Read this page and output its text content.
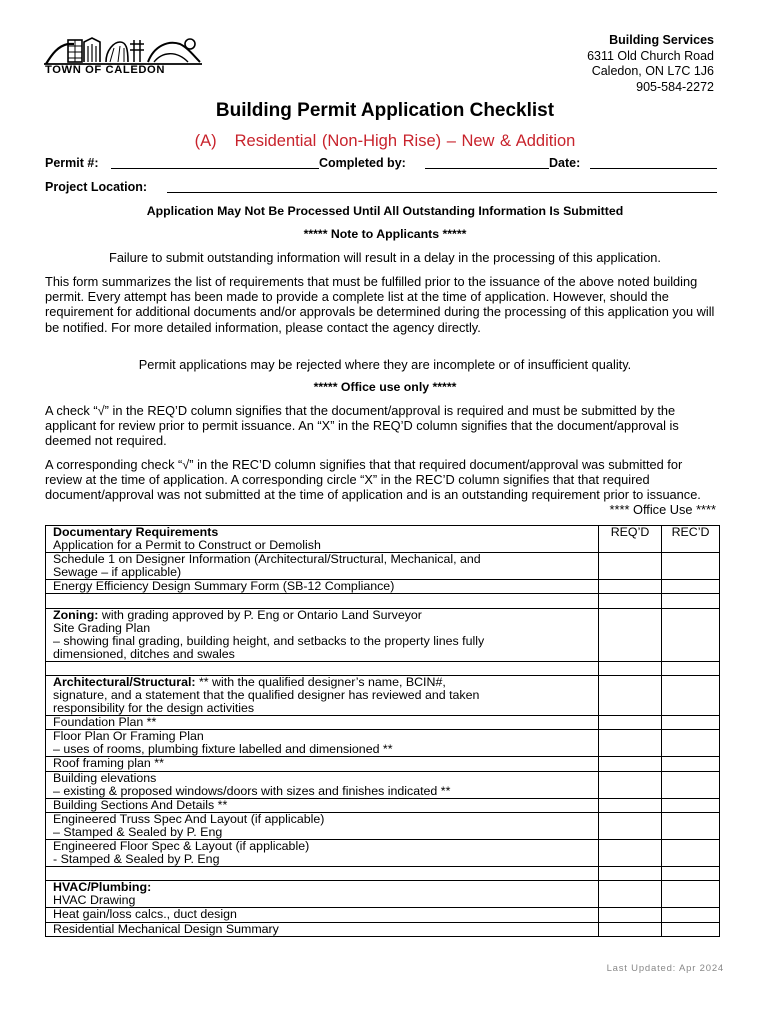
TOWN OF CALEDON
Building Services
6311 Old Church Road
Caledon, ON L7C 1J6
905-584-2272
Building Permit Application Checklist
(A) Residential (Non-High Rise) – New & Addition
Permit #:	Completed by:	Date:
Project Location:
Application May Not Be Processed Until All Outstanding Information Is Submitted
***** Note to Applicants *****
Failure to submit outstanding information will result in a delay in the processing of this application.
This form summarizes the list of requirements that must be fulfilled prior to the issuance of the above noted building permit. Every attempt has been made to provide a complete list at the time of application. However, should the requirement for additional documents and/or approvals be determined during the processing of this application you will be notified. For more detailed information, please contact the agency directly.
Permit applications may be rejected where they are incomplete or of insufficient quality.
***** Office use only *****
A check “√” in the REQ’D column signifies that the document/approval is required and must be submitted by the applicant for review prior to permit issuance. An “X” in the REQ’D column signifies that the document/approval is deemed not required.
A corresponding check “√” in the REC’D column signifies that that required document/approval was submitted for review at the time of application. A corresponding circle “X” in the REC’D column signifies that that required document/approval was not submitted at the time of application and is an outstanding requirement prior to issuance.
**** Office Use ****
Documentary Requirements
Application for a Permit to Construct or Demolish	REQ’D	REC’D

Schedule 1 on Designer Information (Architectural/Structural, Mechanical, and
Sewage – if applicable)		

Energy Efficiency Design Summary Form (SB-12 Compliance)		

Zoning: with grading approved by P. Eng or Ontario Land Surveyor
Site Grading Plan
– showing final grading, building height, and setbacks to the property lines fully
dimensioned, ditches and swales		

Architectural/Structural: ** with the qualified designer’s name, BCIN#,
signature, and a statement that the qualified designer has reviewed and taken
responsibility for the design activities		

Foundation Plan **		

Floor Plan Or Framing Plan
– uses of rooms, plumbing fixture labelled and dimensioned **		

Roof framing plan **		

Building elevations
– existing & proposed windows/doors with sizes and finishes indicated **		

Building Sections And Details **		

Engineered Truss Spec And Layout (if applicable)
– Stamped & Sealed by P. Eng		

Engineered Floor Spec & Layout (if applicable)
- Stamped & Sealed by P. Eng		

HVAC/Plumbing:
HVAC Drawing		

Heat gain/loss calcs., duct design		

Residential Mechanical Design Summary		

Last Updated: Apr 2024
